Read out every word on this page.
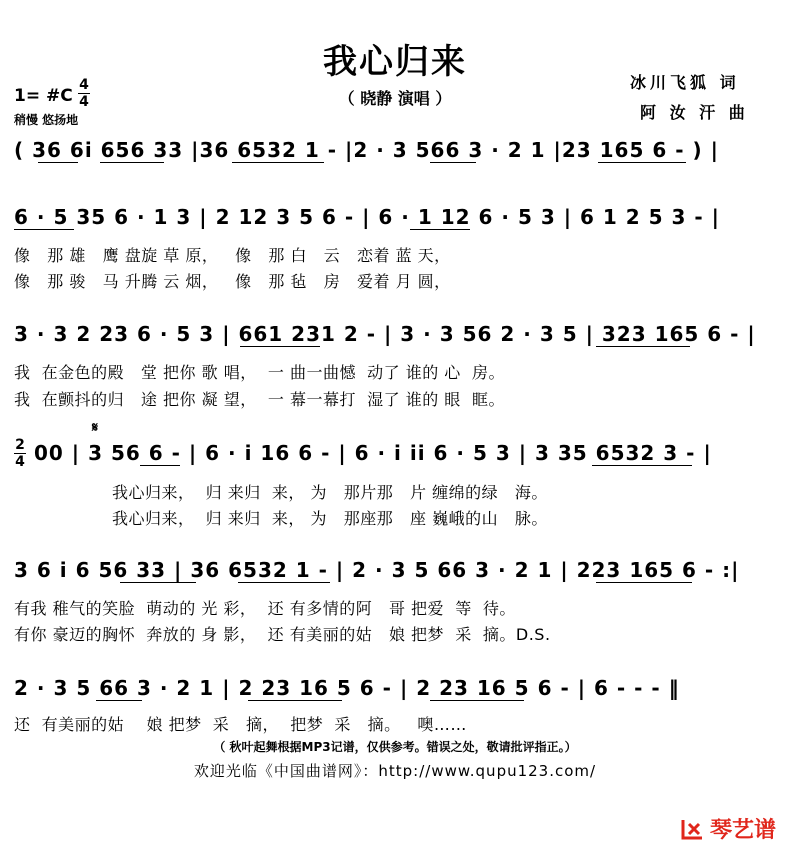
我心归来
（ 晓静 演唱 ）
冰川飞狐 词
阿 汝 汗 曲
1= #C
4
4
稍慢 悠扬地
( 36 6i 656 33 |36 6532 1 - |2 · 3 566 3 · 2 1 |23 165 6 - ) |
6 · 5 35 6 · 1 3 | 2 12 3 5 6 - | 6 · 1 12 6 · 5 3 | 6 1 2 5 3 - |
像   那 雄   鹰 盘旋 草 原，   像   那 白   云   恋着 蓝 天，
像   那 骏   马 升腾 云 烟，   像   那 毡   房   爱着 月 圆，
3 · 3 2 23 6 · 5 3 | 661 231 2 - | 3 · 3 56 2 · 3 5 | 323 165 6 - |
我  在金色的殿   堂 把你 歌 唱，  一 曲一曲憾  动了 谁的 心  房。
我  在颤抖的归   途 把你 凝 望，  一 幕一幕打  湿了 谁的 眼  眶。
2
4
𝄋
00 | 3 56 6 - | 6 · i 16 6 - | 6 · i ii 6 · 5 3 | 3 35 6532 3 - |
我心归来，  归 来归  来， 为   那片那   片 缠绵的绿   海。
我心归来，  归 来归  来， 为   那座那   座 巍峨的山   脉。
3 6 i 6 56 33 | 36 6532 1 - | 2 · 3 5 66 3 · 2 1 | 223 165 6 - :|
有我 稚气的笑脸  萌动的 光 彩，  还 有多情的阿   哥 把爱  等  待。
有你 豪迈的胸怀  奔放的 身 影，  还 有美丽的姑   娘 把梦  采  摘。D.S.
2 · 3 5 66 3 · 2 1 | 2 23 16 5 6 - | 2 23 16 5 6 - | 6 - - - ‖
还  有美丽的姑    娘 把梦  采   摘，  把梦  采   摘。   噢……
（ 秋叶起舞根据MP3记谱，仅供参考。错误之处，敬请批评指正。）
欢迎光临《中国曲谱网》：http://www.qupu123.com/

琴艺谱
